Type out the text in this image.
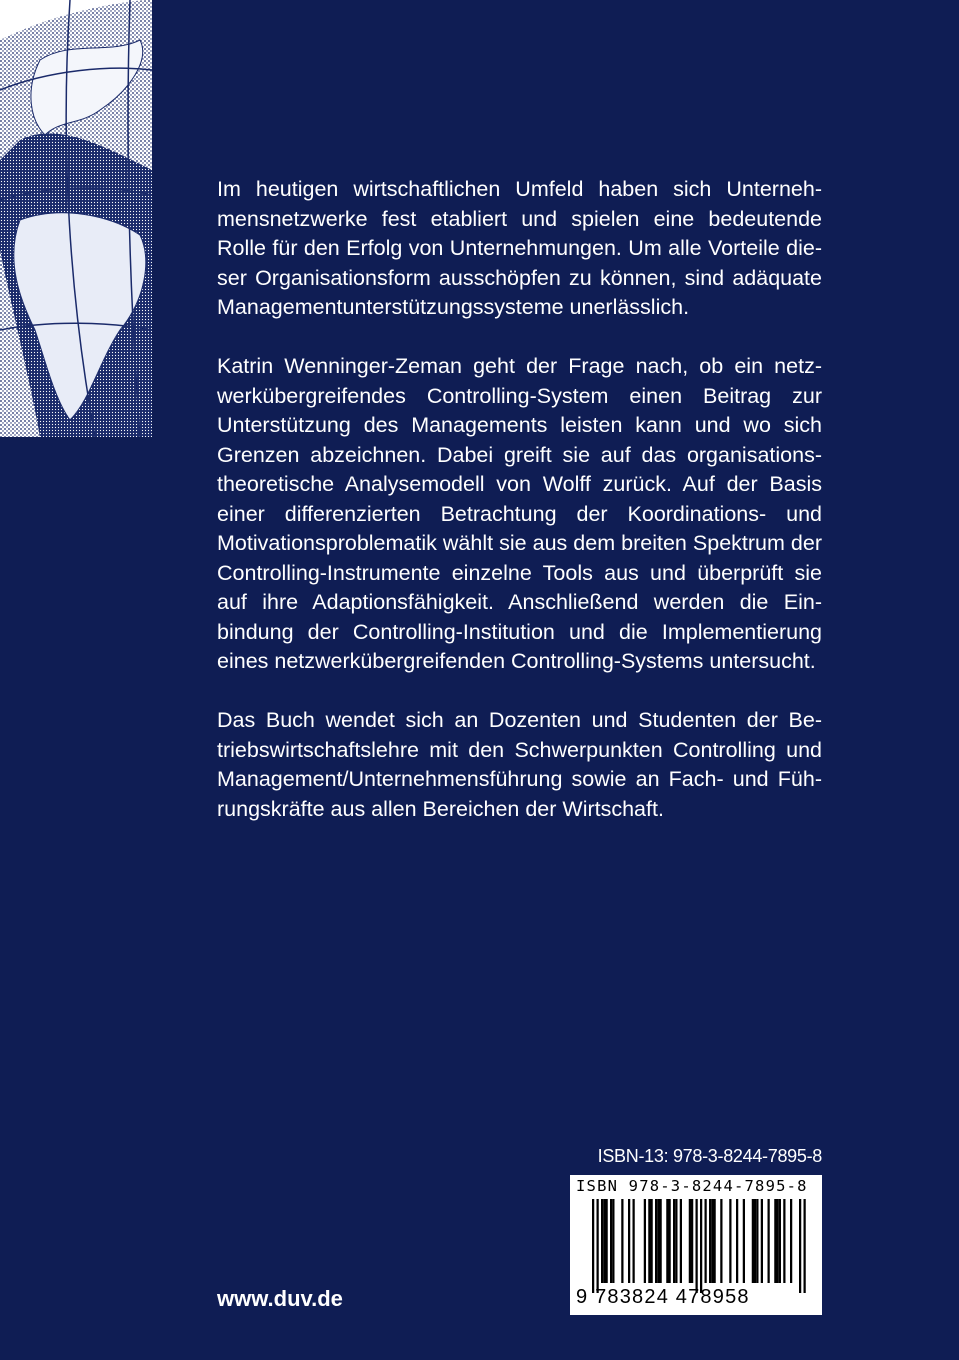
Im heutigen wirtschaftlichen Umfeld haben sich Unternehmensnetzwerke fest etabliert und spielen eine bedeutende Rolle für den Erfolg von Unternehmungen. Um alle Vorteile dieser Organisationsform ausschöpfen zu können, sind adäquate Managementunterstützungssysteme unerlässlich.

Katrin Wenninger-Zeman geht der Frage nach, ob ein netzwerkübergreifendes Controlling-System einen Beitrag zur Unterstützung des Managements leisten kann und wo sich Grenzen abzeichnen. Dabei greift sie auf das organisationstheoretische Analysemodell von Wolff zurück. Auf der Basis einer differenzierten Betrachtung der Koordinations- und Motivationsproblematik wählt sie aus dem breiten Spektrum der Controlling-Instrumente einzelne Tools aus und überprüft sie auf ihre Adaptionsfähigkeit. Anschließend werden die Einbindung der Controlling-Institution und die Implementierung eines netzwerkübergreifenden Controlling-Systems untersucht.

Das Buch wendet sich an Dozenten und Studenten der Betriebswirtschaftslehre mit den Schwerpunkten Controlling und Management/Unternehmensführung sowie an Fach- und Führungskräfte aus allen Bereichen der Wirtschaft.

ISBN-13: 978-3-8244-7895-8
ISBN 978-3-8244-7895-8
9 783824 478958
www.duv.de
